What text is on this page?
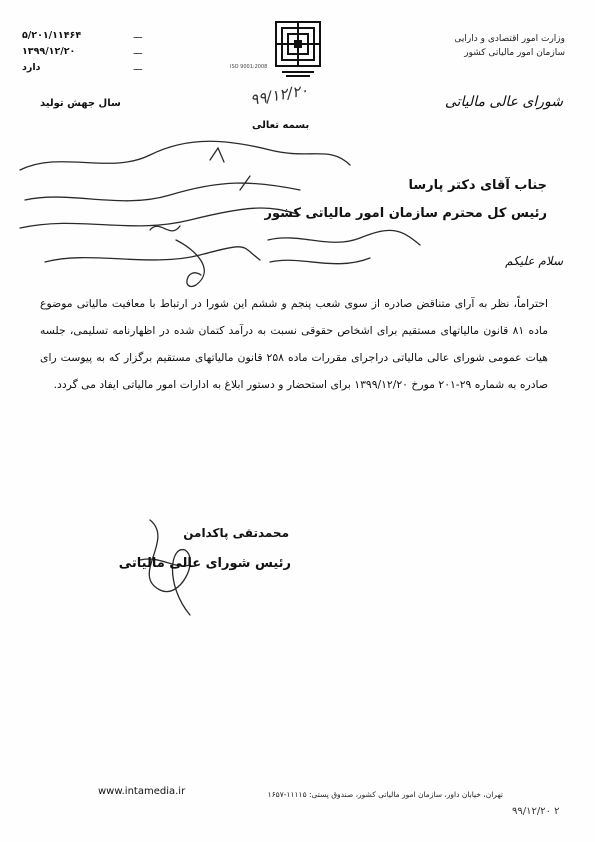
۵/۲۰۱/۱۱۴۶۴	ـــ
۱۳۹۹/۱۲/۲۰	ـــ
دارد	ـــ	ISO 9001:2008
وزارت امور اقتصادی و دارایی
سازمان امور مالیاتی کشور
سال جهش تولید	شورای عالی مالیاتی
۹۹/۱۲/۲۰
بسمه تعالی
جناب آقای دکتر پارسا
رئیس کل محترم سازمان امور مالیاتی کشور
سلام علیکم
احتراماً، نظر به آرای متناقض صادره از سوی شعب پنجم و ششم این شورا در ارتباط با معافیت مالیاتی موضوع ماده ۸۱ قانون مالیاتهای مستقیم برای اشخاص حقوقی نسبت به درآمد کتمان شده در اظهارنامه تسلیمی، جلسه هیات عمومی شورای عالی مالیاتی دراجرای مقررات ماده ۲۵۸ قانون مالیاتهای مستقیم برگزار که به پیوست رای صادره به شماره ۲۹-۲۰۱ مورخ ۱۳۹۹/۱۲/۲۰ برای استحضار و دستور ابلاغ به ادارات امور مالیاتی ایفاد می گردد.
محمدتقی پاکدامن
رئیس شورای عالی مالیاتی
www.intamedia.ir	تهران، خیابان داور، سازمان امور مالیاتی کشور، صندوق پستی: ۱۱۱۱۵-۱۶۵۷
۹۹/۱۲/۲۰ ۲
